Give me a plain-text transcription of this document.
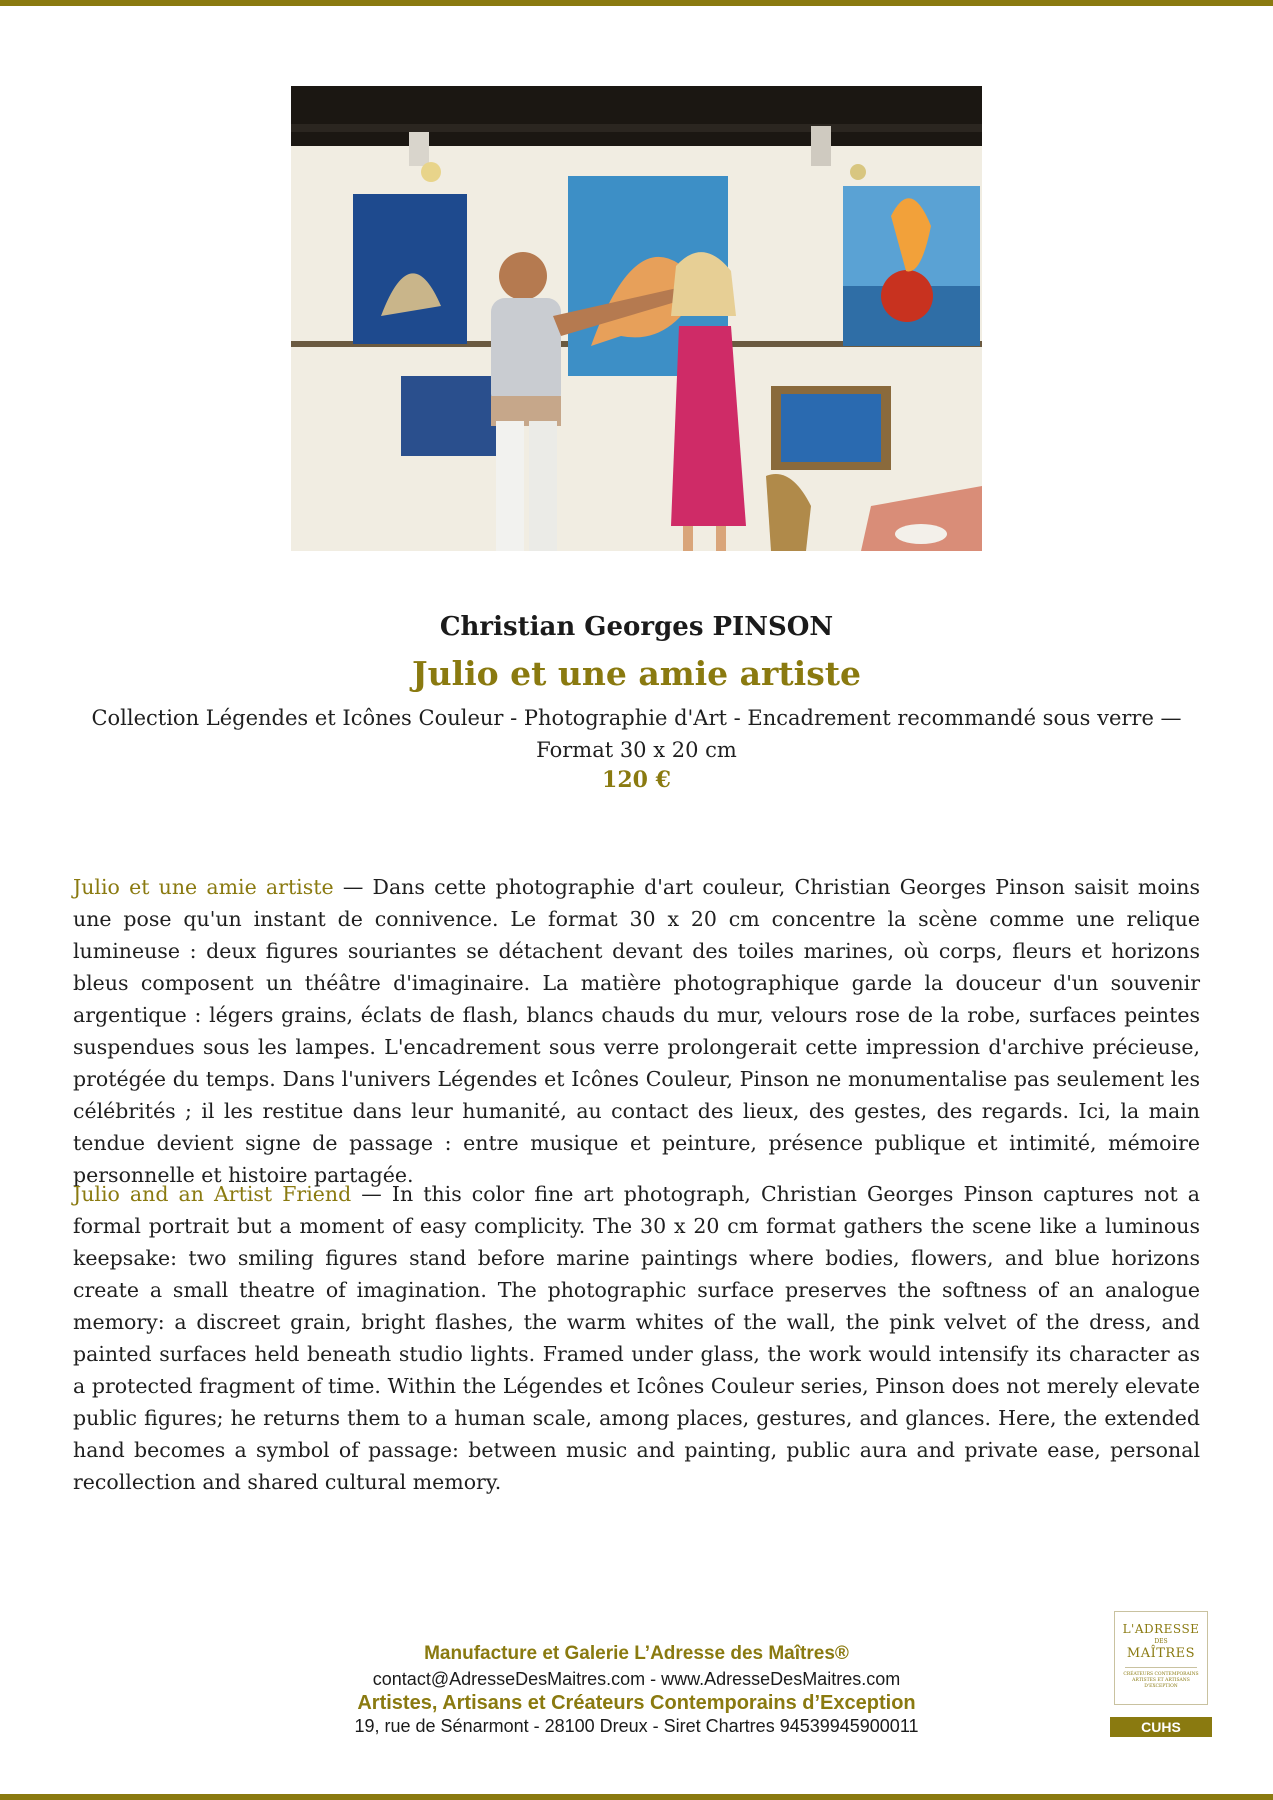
Christian Georges PINSON
Julio et une amie artiste
Collection Légendes et Icônes Couleur - Photographie d'Art - Encadrement recommandé sous verre — Format 30 x 20 cm
120 €

Julio et une amie artiste — Dans cette photographie d'art couleur, Christian Georges Pinson saisit moins une pose qu'un instant de connivence. Le format 30 x 20 cm concentre la scène comme une relique lumineuse : deux figures souriantes se détachent devant des toiles marines, où corps, fleurs et horizons bleus composent un théâtre d'imaginaire. La matière photographique garde la douceur d'un souvenir argentique : légers grains, éclats de flash, blancs chauds du mur, velours rose de la robe, surfaces peintes suspendues sous les lampes. L'encadrement sous verre prolongerait cette impression d'archive précieuse, protégée du temps. Dans l'univers Légendes et Icônes Couleur, Pinson ne monumentalise pas seulement les célébrités ; il les restitue dans leur humanité, au contact des lieux, des gestes, des regards. Ici, la main tendue devient signe de passage : entre musique et peinture, présence publique et intimité, mémoire personnelle et histoire partagée.

Julio and an Artist Friend — In this color fine art photograph, Christian Georges Pinson captures not a formal portrait but a moment of easy complicity. The 30 x 20 cm format gathers the scene like a luminous keepsake: two smiling figures stand before marine paintings where bodies, flowers, and blue horizons create a small theatre of imagination. The photographic surface preserves the softness of an analogue memory: a discreet grain, bright flashes, the warm whites of the wall, the pink velvet of the dress, and painted surfaces held beneath studio lights. Framed under glass, the work would intensify its character as a protected fragment of time. Within the Légendes et Icônes Couleur series, Pinson does not merely elevate public figures; he returns them to a human scale, among places, gestures, and glances. Here, the extended hand becomes a symbol of passage: between music and painting, public aura and private ease, personal recollection and shared cultural memory.

Manufacture et Galerie L’Adresse des Maîtres®
contact@AdresseDesMaitres.com - www.AdresseDesMaitres.com
Artistes, Artisans et Créateurs Contemporains d’Exception
19, rue de Sénarmont - 28100 Dreux - Siret Chartres 94539945900011
L'ADRESSE
DES
MAÎTRES
CRÉATEURS CONTEMPORAINS ARTISTES ET ARTISANS D'EXCEPTION
CUHS
